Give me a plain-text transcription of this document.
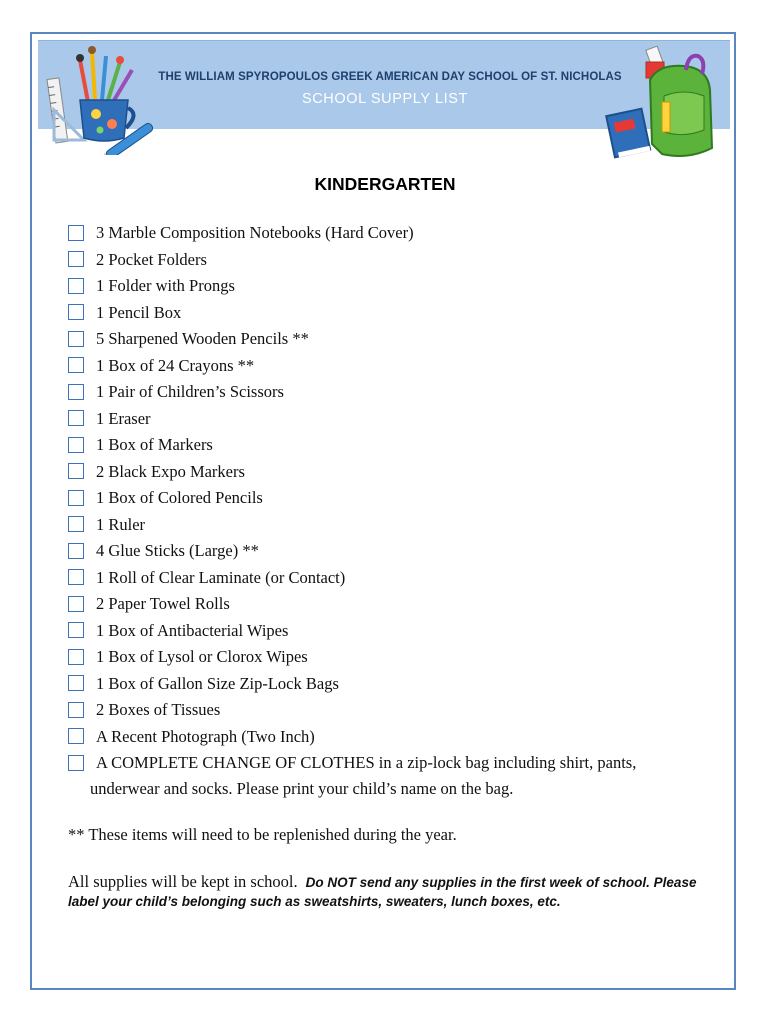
THE WILLIAM SPYROPOULOS GREEK AMERICAN DAY SCHOOL OF ST. NICHOLAS
SCHOOL SUPPLY LIST
KINDERGARTEN
3 Marble Composition Notebooks (Hard Cover)
2 Pocket Folders
1 Folder with Prongs
1 Pencil Box
5 Sharpened Wooden Pencils **
1 Box of 24 Crayons **
1 Pair of Children’s Scissors
1 Eraser
1 Box of Markers
2 Black Expo Markers
1 Box of Colored Pencils
1 Ruler
4 Glue Sticks (Large) **
1 Roll of Clear Laminate (or Contact)
2 Paper Towel Rolls
1 Box of Antibacterial Wipes
1 Box of Lysol or Clorox Wipes
1 Box of Gallon Size Zip-Lock Bags
2 Boxes of Tissues
A Recent Photograph (Two Inch)
A COMPLETE CHANGE OF CLOTHES in a zip-lock bag including shirt, pants,
underwear and socks. Please print your child’s name on the bag.
** These items will need to be replenished during the year.
All supplies will be kept in school. Do NOT send any supplies in the first week of school. Please label your child’s belonging such as sweatshirts, sweaters, lunch boxes, etc.
